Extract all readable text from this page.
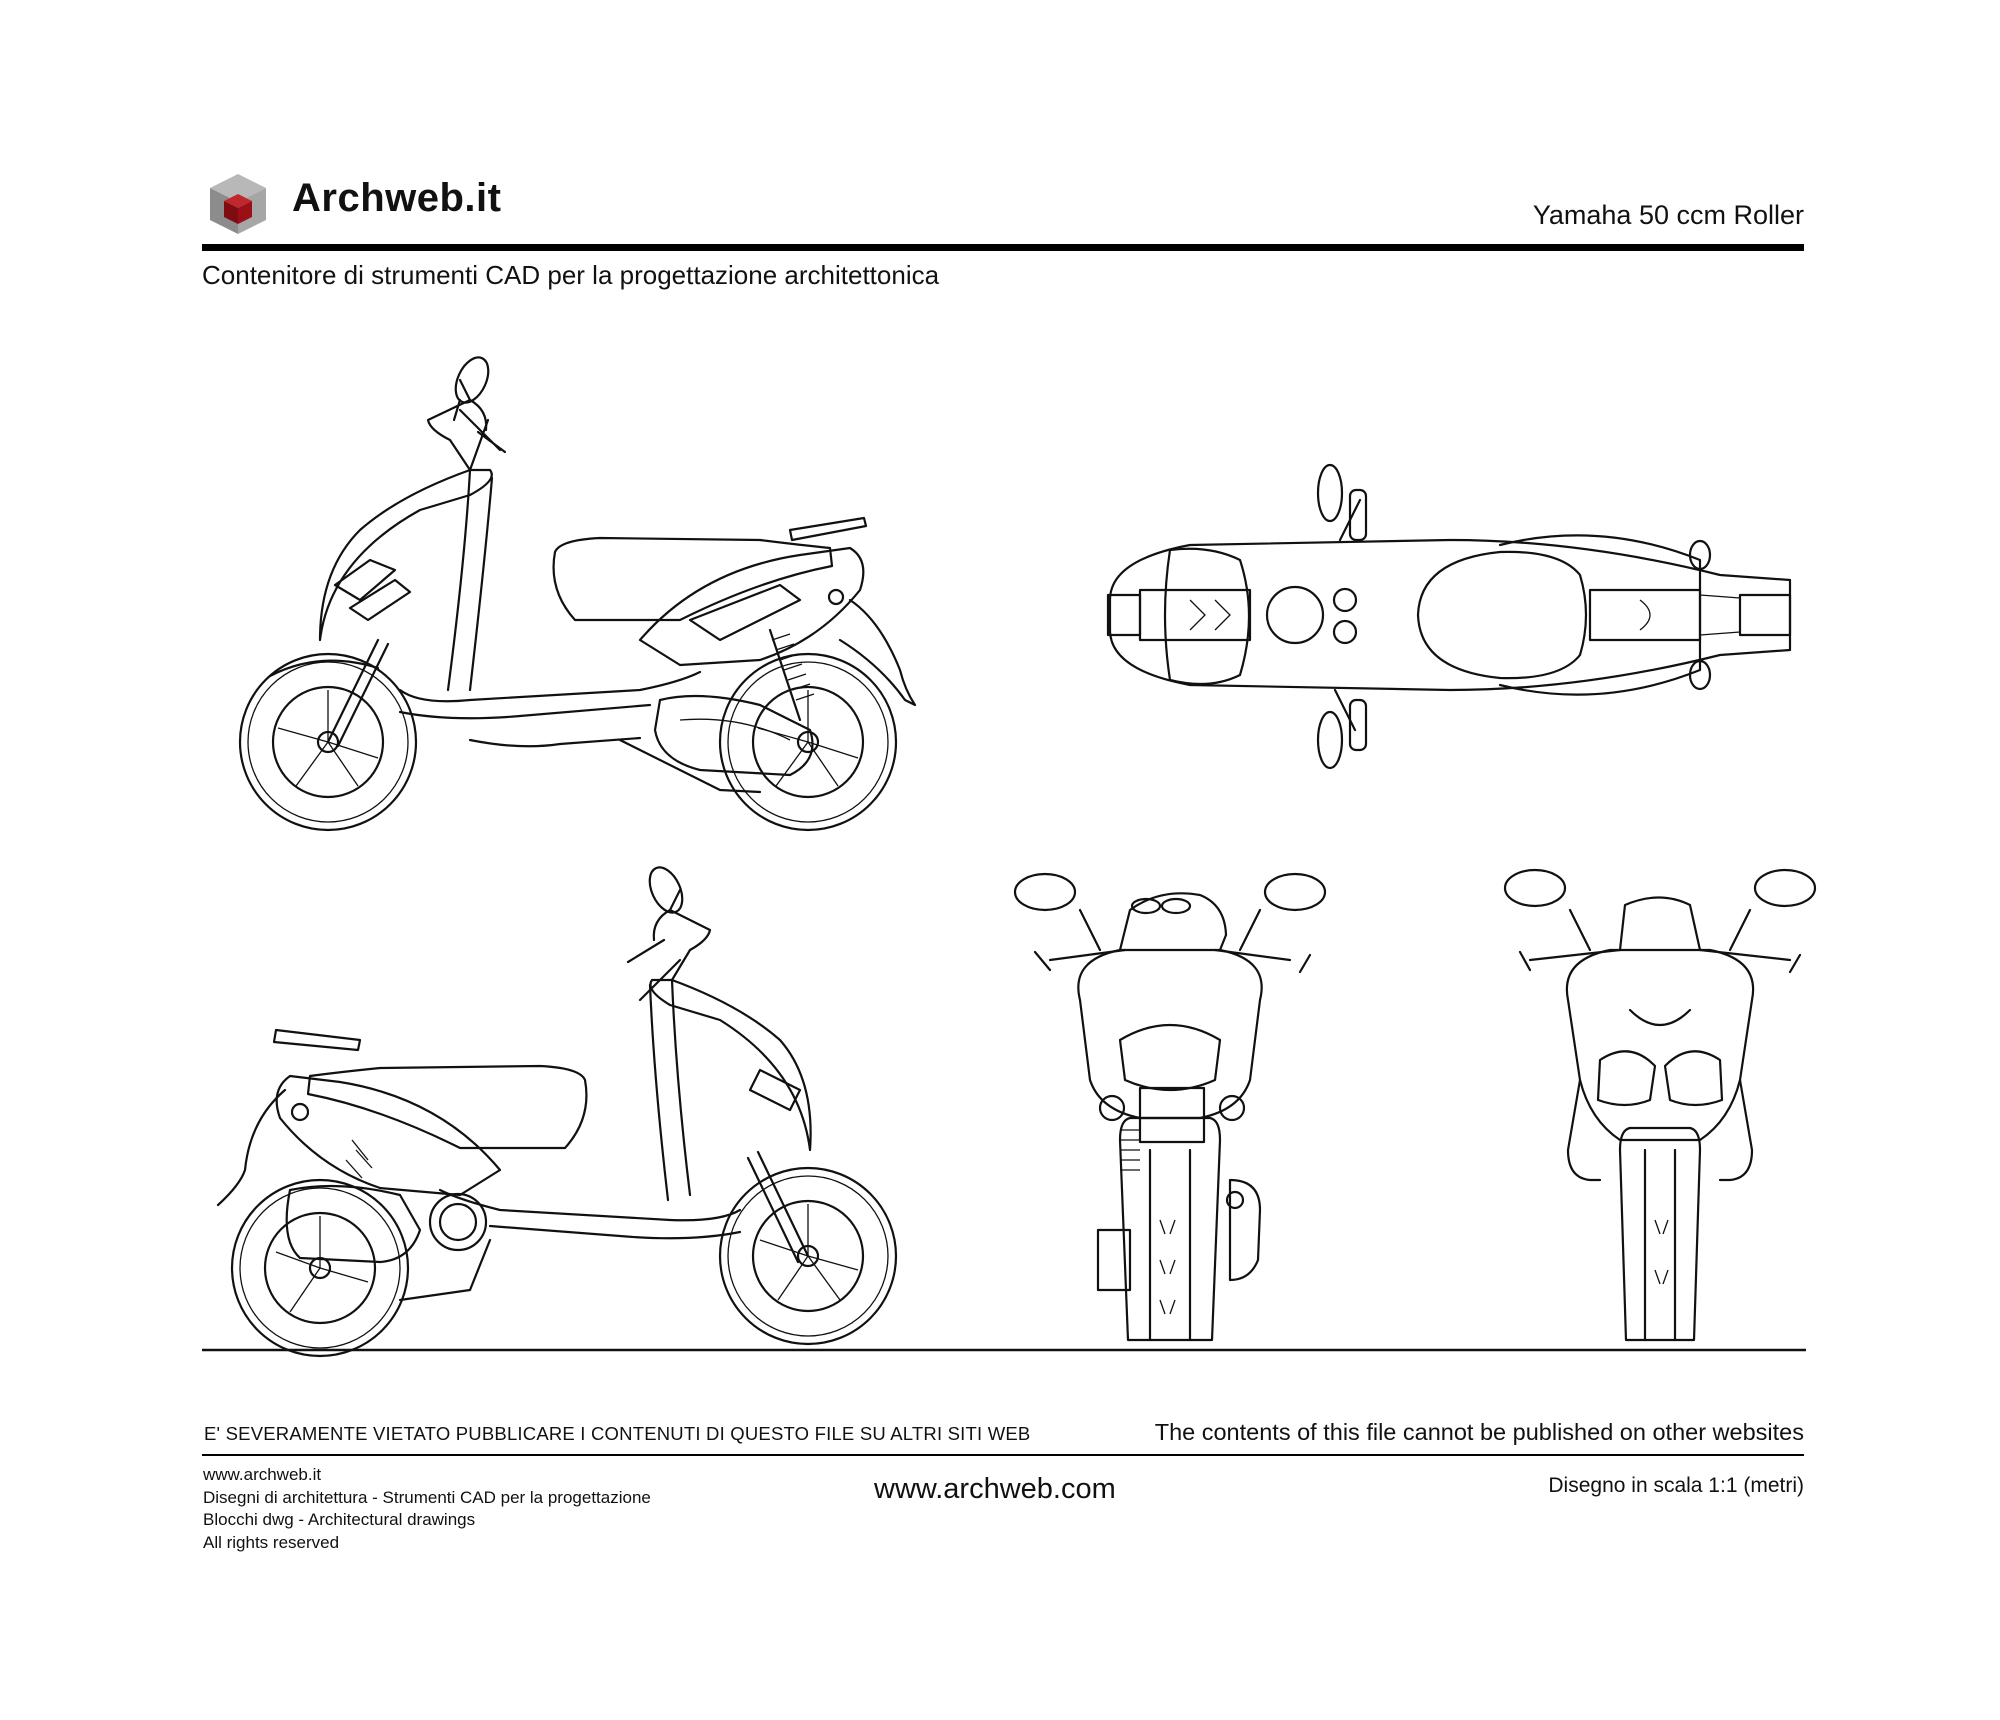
Archweb.it	Yamaha 50 ccm Roller
Contenitore di strumenti CAD per la progettazione architettonica
E' SEVERAMENTE VIETATO PUBBLICARE I CONTENUTI DI QUESTO FILE SU ALTRI SITI WEB	The contents of this file cannot be published on other websites
www.archweb.it
Disegni di architettura - Strumenti CAD per la progettazione
Blocchi dwg - Architectural drawings
All rights reserved
www.archweb.com	Disegno in scala 1:1 (metri)
